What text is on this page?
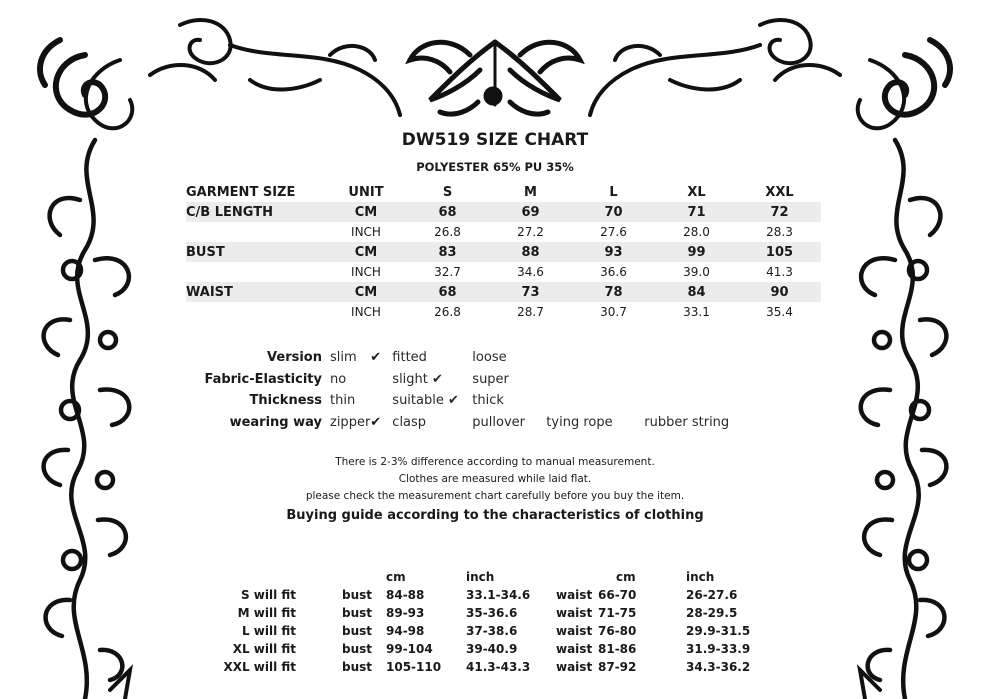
DW519 SIZE CHART
POLYESTER 65% PU 35%
GARMENT SIZE	UNIT	S	M	L	XL	XXL
C/B LENGTH	CM	68	69	70	71	72
	INCH	26.8	27.2	27.6	28.0	28.3
BUST	CM	83	88	93	99	105
	INCH	32.7	34.6	36.6	39.0	41.3
WAIST	CM	68	73	78	84	90
	INCH	26.8	28.7	30.7	33.1	35.4
Version	slim	✔	fitted	loose		
Fabric-Elasticity	no		slight ✔	super		
Thickness	thin		suitable ✔	thick		
wearing way	zipper	✔	clasp	pullover	tying rope	rubber string
There is 2-3% difference according to manual measurement.
Clothes are measured while laid flat.
please check the measurement chart carefully before you buy the item.
Buying guide according to the characteristics of clothing
		cm	inch		cm	inch
S will fit	bust	84-88	33.1-34.6	waist	66-70	26-27.6
M will fit	bust	89-93	35-36.6	waist	71-75	28-29.5
L will fit	bust	94-98	37-38.6	waist	76-80	29.9-31.5
XL will fit	bust	99-104	39-40.9	waist	81-86	31.9-33.9
XXL will fit	bust	105-110	41.3-43.3	waist	87-92	34.3-36.2
